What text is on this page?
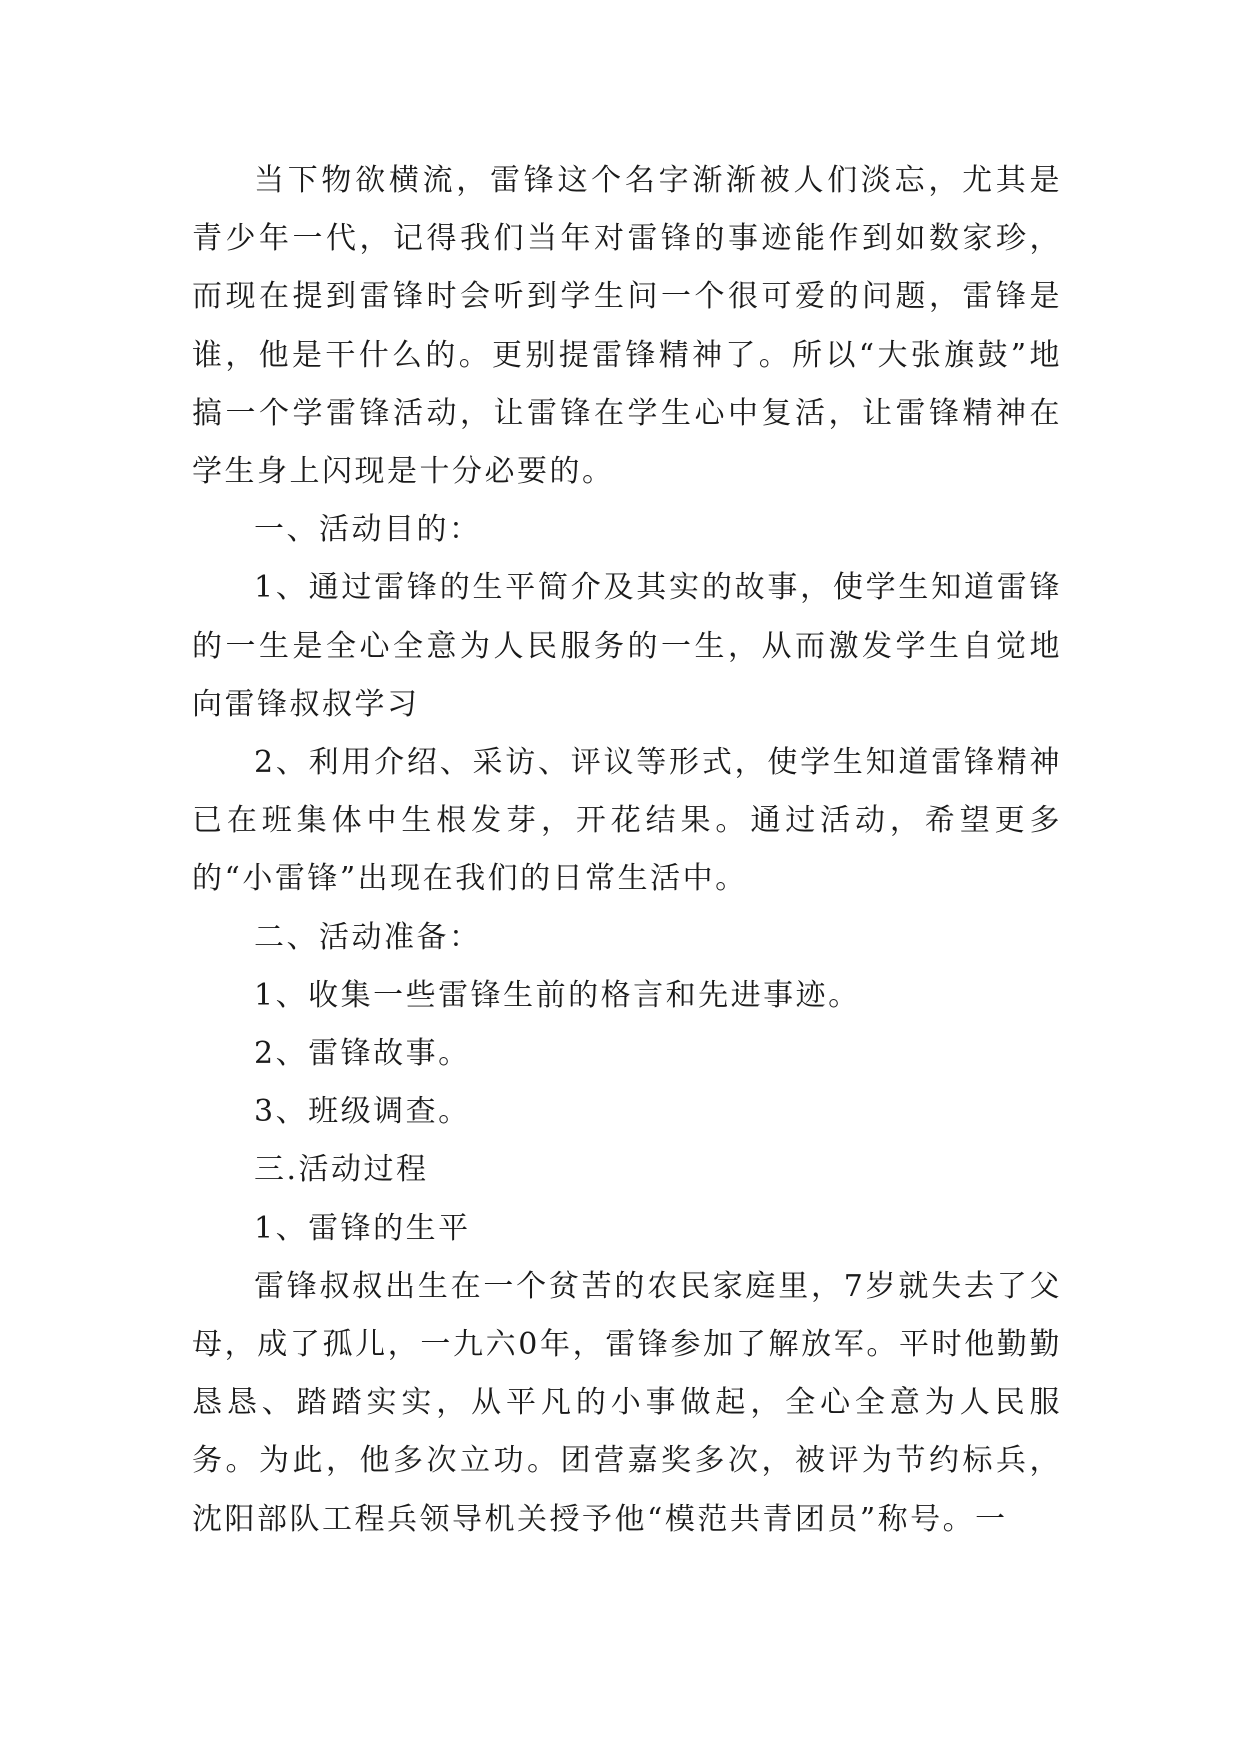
当下物欲横流，雷锋这个名字渐渐被人们淡忘，尤其是青少年一代，记得我们当年对雷锋的事迹能作到如数家珍，而现在提到雷锋时会听到学生问一个很可爱的问题，雷锋是谁，他是干什么的。更别提雷锋精神了。所以“大张旗鼓”地搞一个学雷锋活动，让雷锋在学生心中复活，让雷锋精神在学生身上闪现是十分必要的。

一、活动目的：

1、通过雷锋的生平简介及其实的故事，使学生知道雷锋的一生是全心全意为人民服务的一生，从而激发学生自觉地向雷锋叔叔学习

2、利用介绍、采访、评议等形式，使学生知道雷锋精神已在班集体中生根发芽，开花结果。通过活动，希望更多的“小雷锋”出现在我们的日常生活中。

二、活动准备：

1、收集一些雷锋生前的格言和先进事迹。

2、雷锋故事。

3、班级调查。

三.活动过程

1、雷锋的生平

雷锋叔叔出生在一个贫苦的农民家庭里，7岁就失去了父母，成了孤儿，一九六0年，雷锋参加了解放军。平时他勤勤恳恳、踏踏实实，从平凡的小事做起，全心全意为人民服务。为此，他多次立功。团营嘉奖多次，被评为节约标兵，沈阳部队工程兵领导机关授予他“模范共青团员”称号。一
